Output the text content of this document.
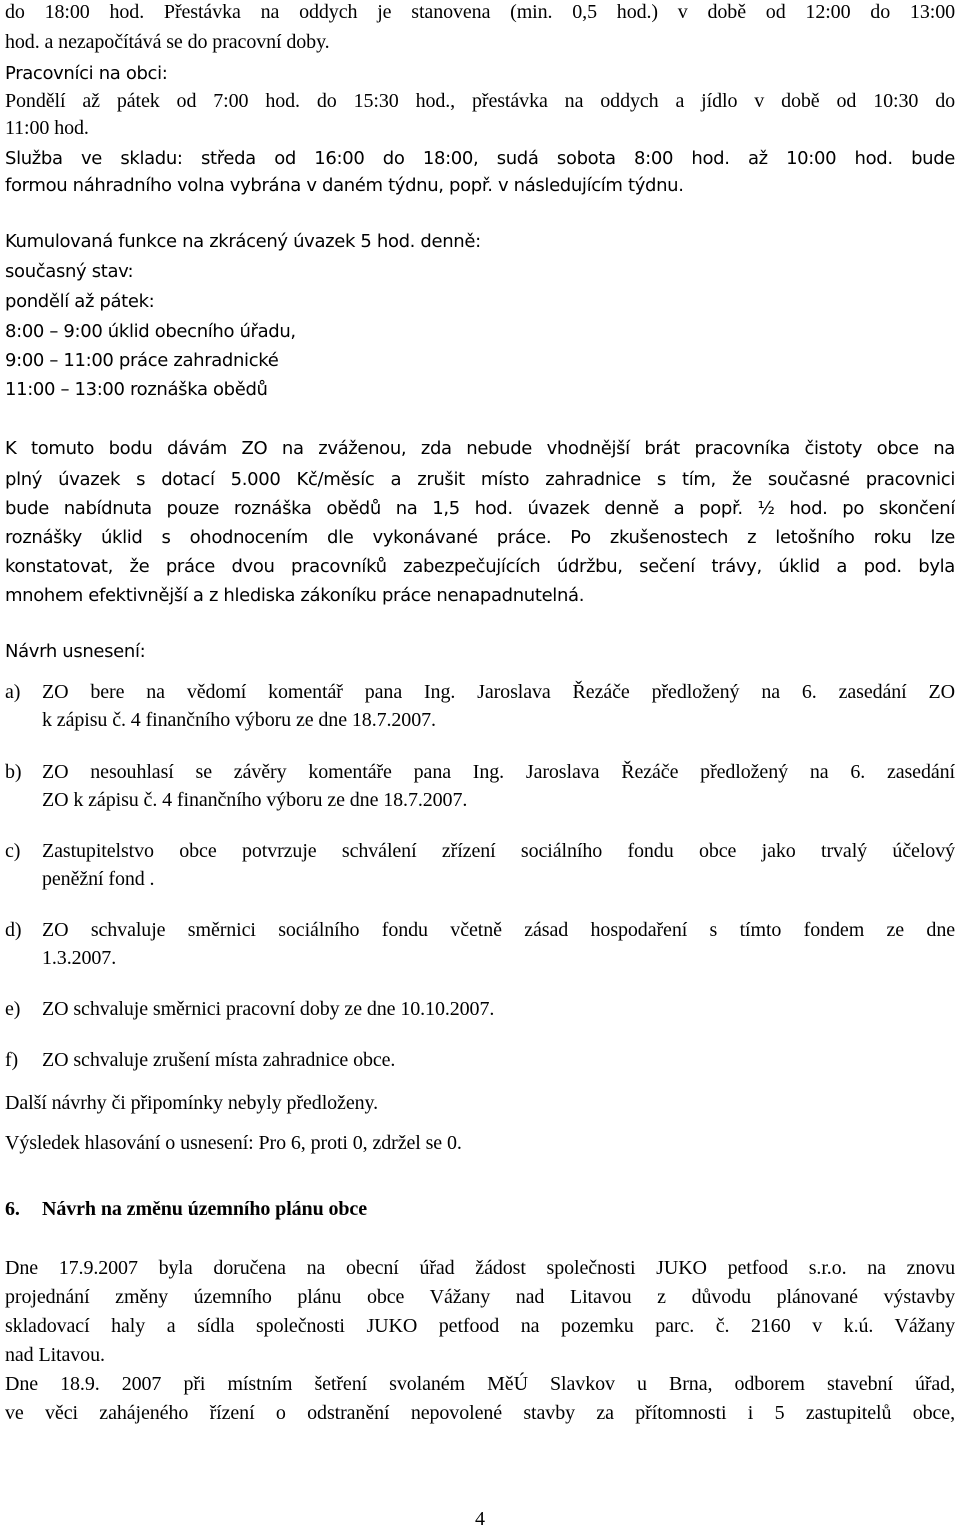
do 18:00 hod. Přestávka na oddych je stanovena (min. 0,5 hod.) v době od 12:00 do 13:00
hod. a nezapočítává se do pracovní doby.
Pracovníci na obci:
Pondělí až pátek od 7:00 hod. do 15:30 hod., přestávka na oddych a jídlo v době od 10:30 do
11:00 hod.
Služba ve skladu: středa od 16:00 do 18:00, sudá sobota 8:00 hod. až 10:00 hod. bude
formou náhradního volna vybrána v daném týdnu, popř. v následujícím týdnu.
Kumulovaná funkce na zkrácený úvazek 5 hod. denně:
současný stav:
pondělí až pátek:
8:00 – 9:00 úklid obecního úřadu,
9:00 – 11:00 práce zahradnické
11:00 – 13:00 roznáška obědů
K tomuto bodu dávám ZO na zváženou, zda nebude vhodnější brát pracovníka čistoty obce na
plný úvazek s dotací 5.000 Kč/měsíc a zrušit místo zahradnice s tím, že současné pracovnici
bude nabídnuta pouze roznáška obědů na 1,5 hod. úvazek denně a popř. ½ hod. po skončení
roznášky úklid s ohodnocením dle vykonávané práce. Po zkušenostech z letošního roku lze
konstatovat, že práce dvou pracovníků zabezpečujících údržbu, sečení trávy, úklid a pod. byla
mnohem efektivnější a z hlediska zákoníku práce nenapadnutelná.
Návrh usnesení:
a) ZO bere na vědomí komentář pana Ing. Jaroslava Řezáče předložený na 6. zasedání ZO
k zápisu č. 4 finančního výboru ze dne 18.7.2007.
b) ZO nesouhlasí se závěry komentáře pana Ing. Jaroslava Řezáče předložený na 6. zasedání
ZO k zápisu č. 4 finančního výboru ze dne 18.7.2007.
c) Zastupitelstvo obce potvrzuje schválení zřízení sociálního fondu obce jako trvalý účelový
peněžní fond .
d) ZO schvaluje směrnici sociálního fondu včetně zásad hospodaření s tímto fondem ze dne
1.3.2007.
e) ZO schvaluje směrnici pracovní doby ze dne 10.10.2007.
f) ZO schvaluje zrušení místa zahradnice obce.
Další návrhy či připomínky nebyly předloženy.
Výsledek hlasování o usnesení: Pro 6, proti 0, zdržel se 0.
6. Návrh na změnu územního plánu obce
Dne 17.9.2007 byla doručena na obecní úřad žádost společnosti JUKO petfood s.r.o. na znovu
projednání změny územního plánu obce Vážany nad Litavou z důvodu plánované výstavby
skladovací haly a sídla společnosti JUKO petfood na pozemku parc. č. 2160 v k.ú. Vážany
nad Litavou.
Dne 18.9. 2007 při místním šetření svolaném MěÚ Slavkov u Brna, odborem stavební úřad,
ve věci zahájeného řízení o odstranění nepovolené stavby za přítomnosti i 5 zastupitelů obce,
4
